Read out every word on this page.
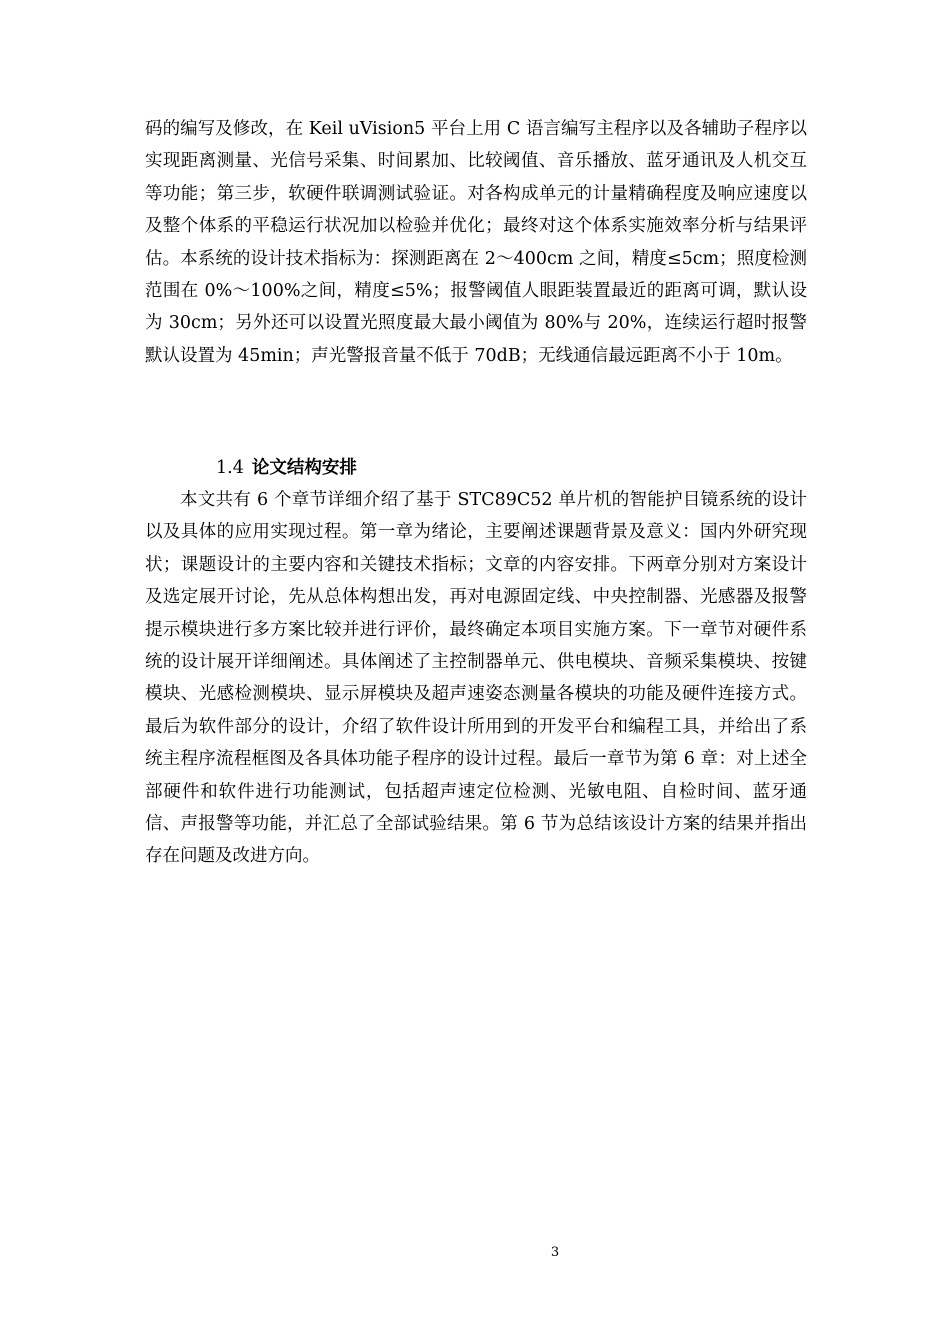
码的编写及修改，在 Keil uVision5 平台上用 C 语言编写主程序以及各辅助子程序以实现距离测量、光信号采集、时间累加、比较阈值、音乐播放、蓝牙通讯及人机交互等功能；第三步，软硬件联调测试验证。对各构成单元的计量精确程度及响应速度以及整个体系的平稳运行状况加以检验并优化；最终对这个体系实施效率分析与结果评估。本系统的设计技术指标为：探测距离在 2～400cm 之间，精度≤5cm；照度检测范围在 0%～100%之间，精度≤5%；报警阈值人眼距装置最近的距离可调，默认设为 30cm；另外还可以设置光照度最大最小阈值为 80%与 20%，连续运行超时报警默认设置为 45min；声光警报音量不低于 70dB；无线通信最远距离不小于 10m。

1.4 论文结构安排

本文共有 6 个章节详细介绍了基于 STC89C52 单片机的智能护目镜系统的设计以及具体的应用实现过程。第一章为绪论，主要阐述课题背景及意义：国内外研究现状；课题设计的主要内容和关键技术指标；文章的内容安排。下两章分别对方案设计及选定展开讨论，先从总体构想出发，再对电源固定线、中央控制器、光感器及报警提示模块进行多方案比较并进行评价，最终确定本项目实施方案。下一章节对硬件系统的设计展开详细阐述。具体阐述了主控制器单元、供电模块、音频采集模块、按键模块、光感检测模块、显示屏模块及超声速姿态测量各模块的功能及硬件连接方式。最后为软件部分的设计，介绍了软件设计所用到的开发平台和编程工具，并给出了系统主程序流程框图及各具体功能子程序的设计过程。最后一章节为第 6 章：对上述全部硬件和软件进行功能测试，包括超声速定位检测、光敏电阻、自检时间、蓝牙通信、声报警等功能，并汇总了全部试验结果。第 6 节为总结该设计方案的结果并指出存在问题及改进方向。

3
